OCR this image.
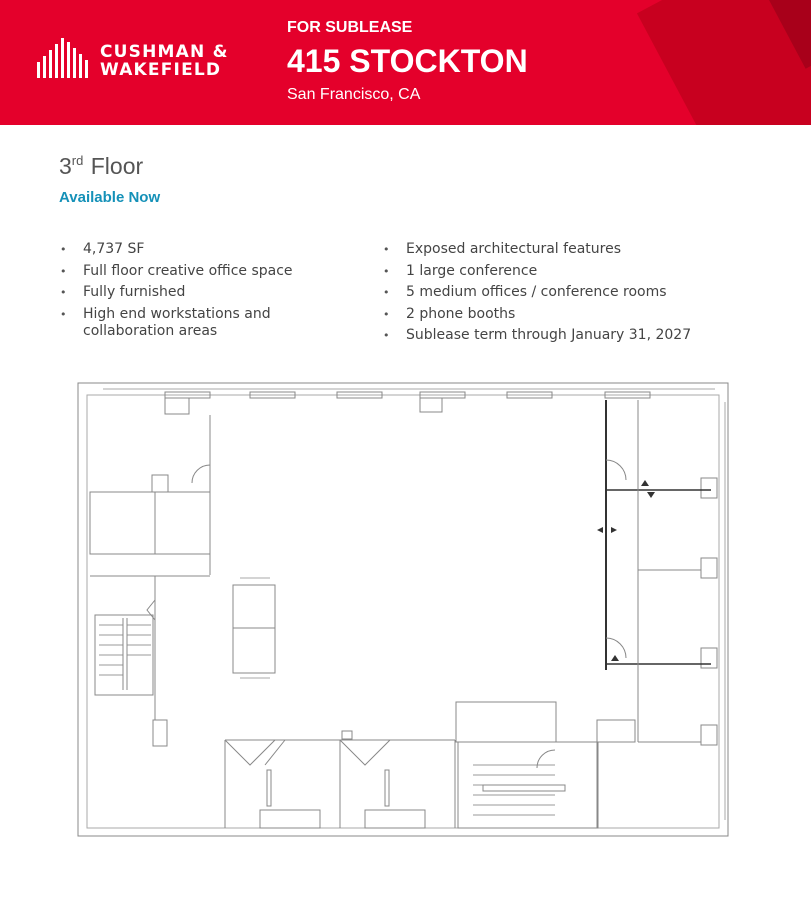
CUSHMAN &
WAKEFIELD
FOR SUBLEASE
415 STOCKTON
San Francisco, CA
3rd Floor
Available Now
• 4,737 SF
• Full floor creative office space
• Fully furnished
• High end workstations and collaboration areas
• Exposed architectural features
• 1 large conference
• 5 medium offices / conference rooms
• 2 phone booths
• Sublease term through January 31, 2027
